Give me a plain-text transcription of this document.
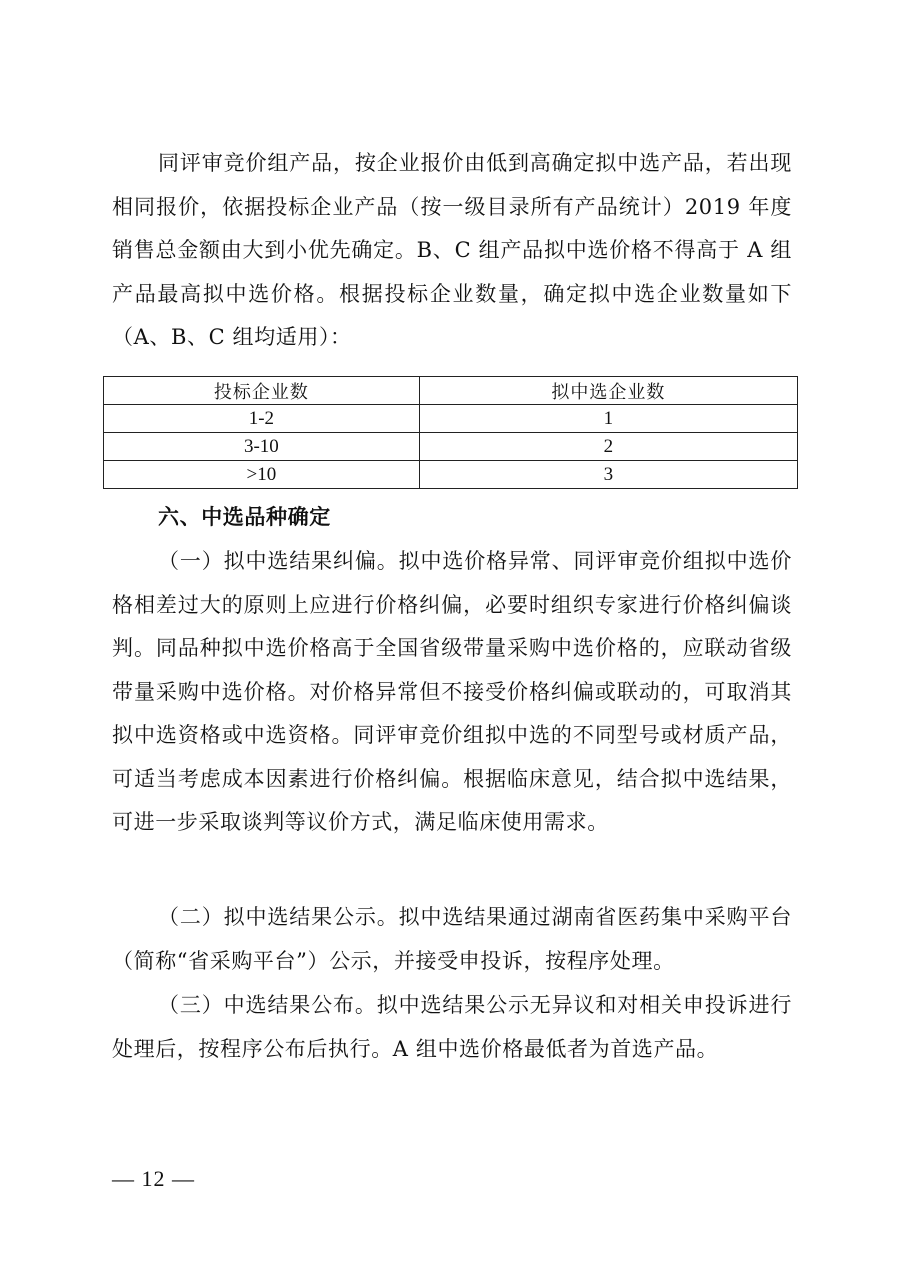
同评审竞价组产品，按企业报价由低到高确定拟中选产品，若出现相同报价，依据投标企业产品（按一级目录所有产品统计）2019 年度销售总金额由大到小优先确定。B、C 组产品拟中选价格不得高于 A 组产品最高拟中选价格。根据投标企业数量，确定拟中选企业数量如下（A、B、C 组均适用）：

投标企业数	拟中选企业数
1-2	1
3-10	2
>10	3

六、中选品种确定

（一）拟中选结果纠偏。拟中选价格异常、同评审竞价组拟中选价格相差过大的原则上应进行价格纠偏，必要时组织专家进行价格纠偏谈判。同品种拟中选价格高于全国省级带量采购中选价格的，应联动省级带量采购中选价格。对价格异常但不接受价格纠偏或联动的，可取消其拟中选资格或中选资格。同评审竞价组拟中选的不同型号或材质产品，可适当考虑成本因素进行价格纠偏。根据临床意见，结合拟中选结果，可进一步采取谈判等议价方式，满足临床使用需求。

（二）拟中选结果公示。拟中选结果通过湖南省医药集中采购平台（简称“省采购平台”）公示，并接受申投诉，按程序处理。

（三）中选结果公布。拟中选结果公示无异议和对相关申投诉进行处理后，按程序公布后执行。A 组中选价格最低者为首选产品。

— 12 —
